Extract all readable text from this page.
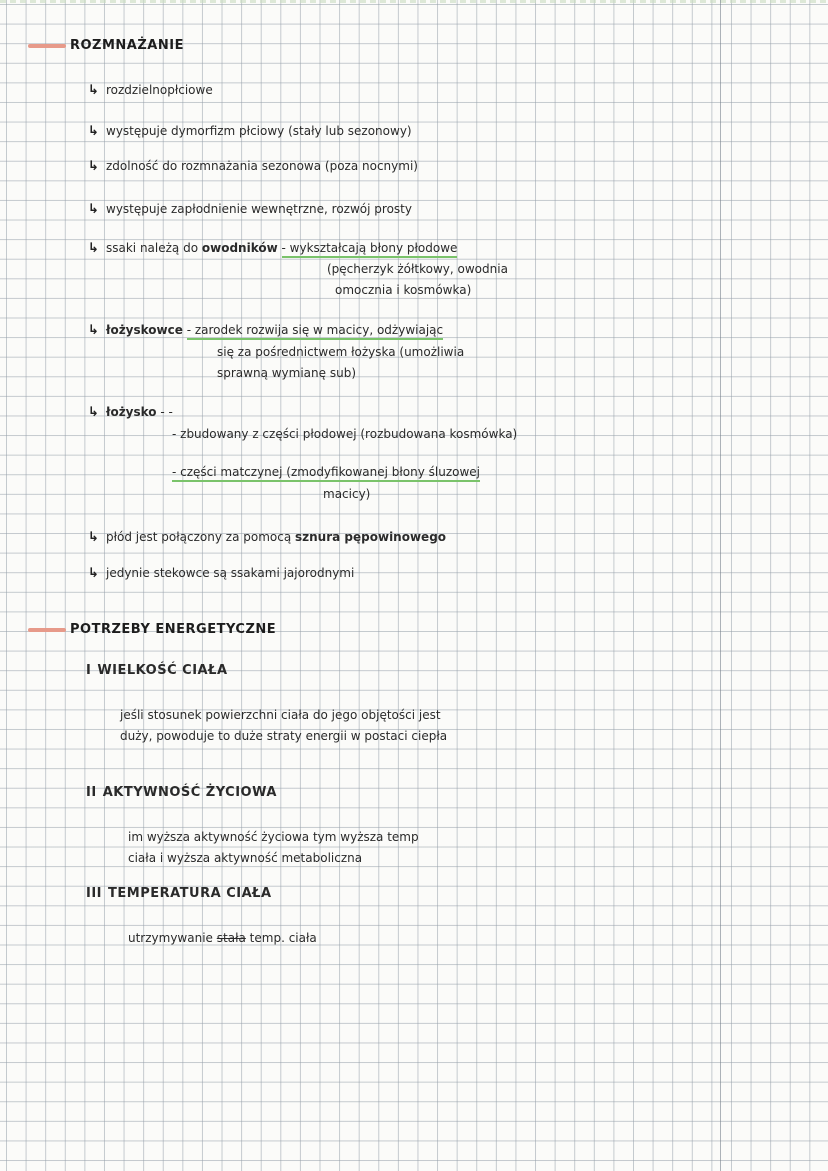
ROZMNAŻANIE
↳ rozdzielnopłciowe
↳ występuje dymorfizm płciowy (stały lub sezonowy)
↳ zdolność do rozmnażania sezonowa (poza nocnymi)
↳ występuje zapłodnienie wewnętrzne, rozwój prosty
↳ ssaki należą do owodników - wykształcają błony płodowe
(pęcherzyk żółtkowy, owodnia
omocznia i kosmówka)
↳ łożyskowce - zarodek rozwija się w macicy, odżywiając
się za pośrednictwem łożyska (umożliwia
sprawną wymianę sub)
↳ łożysko - -
- zbudowany z części płodowej (rozbudowana kosmówka)
- części matczynej (zmodyfikowanej błony śluzowej
macicy)
↳ płód jest połączony za pomocą sznura pępowinowego
↳ jedynie stekowce są ssakami jajorodnymi
POTRZEBY ENERGETYCZNE
I WIELKOŚĆ CIAŁA
jeśli stosunek powierzchni ciała do jego objętości jest
duży, powoduje to duże straty energii w postaci ciepła
II AKTYWNOŚĆ ŻYCIOWA
im wyższa aktywność życiowa tym wyższa temp
ciała i wyższa aktywność metaboliczna
III TEMPERATURA CIAŁA
utrzymywanie stała temp. ciała
